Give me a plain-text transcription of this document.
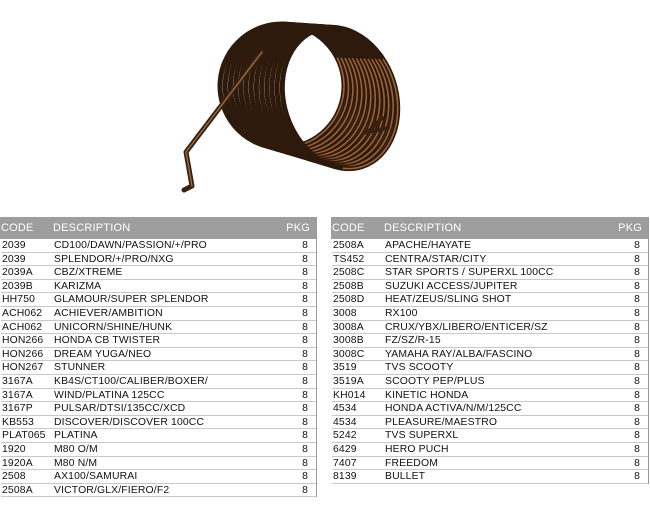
CODE	DESCRIPTION	PKG
2039	CD100/DAWN/PASSION/+/PRO	8
2039	SPLENDOR/+/PRO/NXG	8
2039A	CBZ/XTREME	8
2039B	KARIZMA	8
HH750	GLAMOUR/SUPER SPLENDOR	8
ACH062	ACHIEVER/AMBITION	8
ACH062	UNICORN/SHINE/HUNK	8
HON266	HONDA CB TWISTER	8
HON266	DREAM YUGA/NEO	8
HON267	STUNNER	8
3167A	KB4S/CT100/CALIBER/BOXER/	8
3167A	WIND/PLATINA 125CC	8
3167P	PULSAR/DTSI/135CC/XCD	8
KB553	DISCOVER/DISCOVER 100CC	8
PLAT065 PLATINA	8
1920	M80 O/M	8
1920A	M80 N/M	8
2508	AX100/SAMURAI	8
2508A	VICTOR/GLX/FIERO/F2	8
CODE	DESCRIPTION	PKG
2508A	APACHE/HAYATE	8
TS452	CENTRA/STAR/CITY	8
2508C	STAR SPORTS / SUPERXL 100CC	8
2508B	SUZUKI ACCESS/JUPITER	8
2508D	HEAT/ZEUS/SLING SHOT	8
3008	RX100	8
3008A	CRUX/YBX/LIBERO/ENTICER/SZ	8
3008B	FZ/SZ/R-15	8
3008C	YAMAHA RAY/ALBA/FASCINO	8
3519	TVS SCOOTY	8
3519A	SCOOTY PEP/PLUS	8
KH014	KINETIC HONDA	8
4534	HONDA ACTIVA/N/M/125CC	8
4534	PLEASURE/MAESTRO	8
5242	TVS SUPERXL	8
6429	HERO PUCH	8
7407	FREEDOM	8
8139	BULLET	8
